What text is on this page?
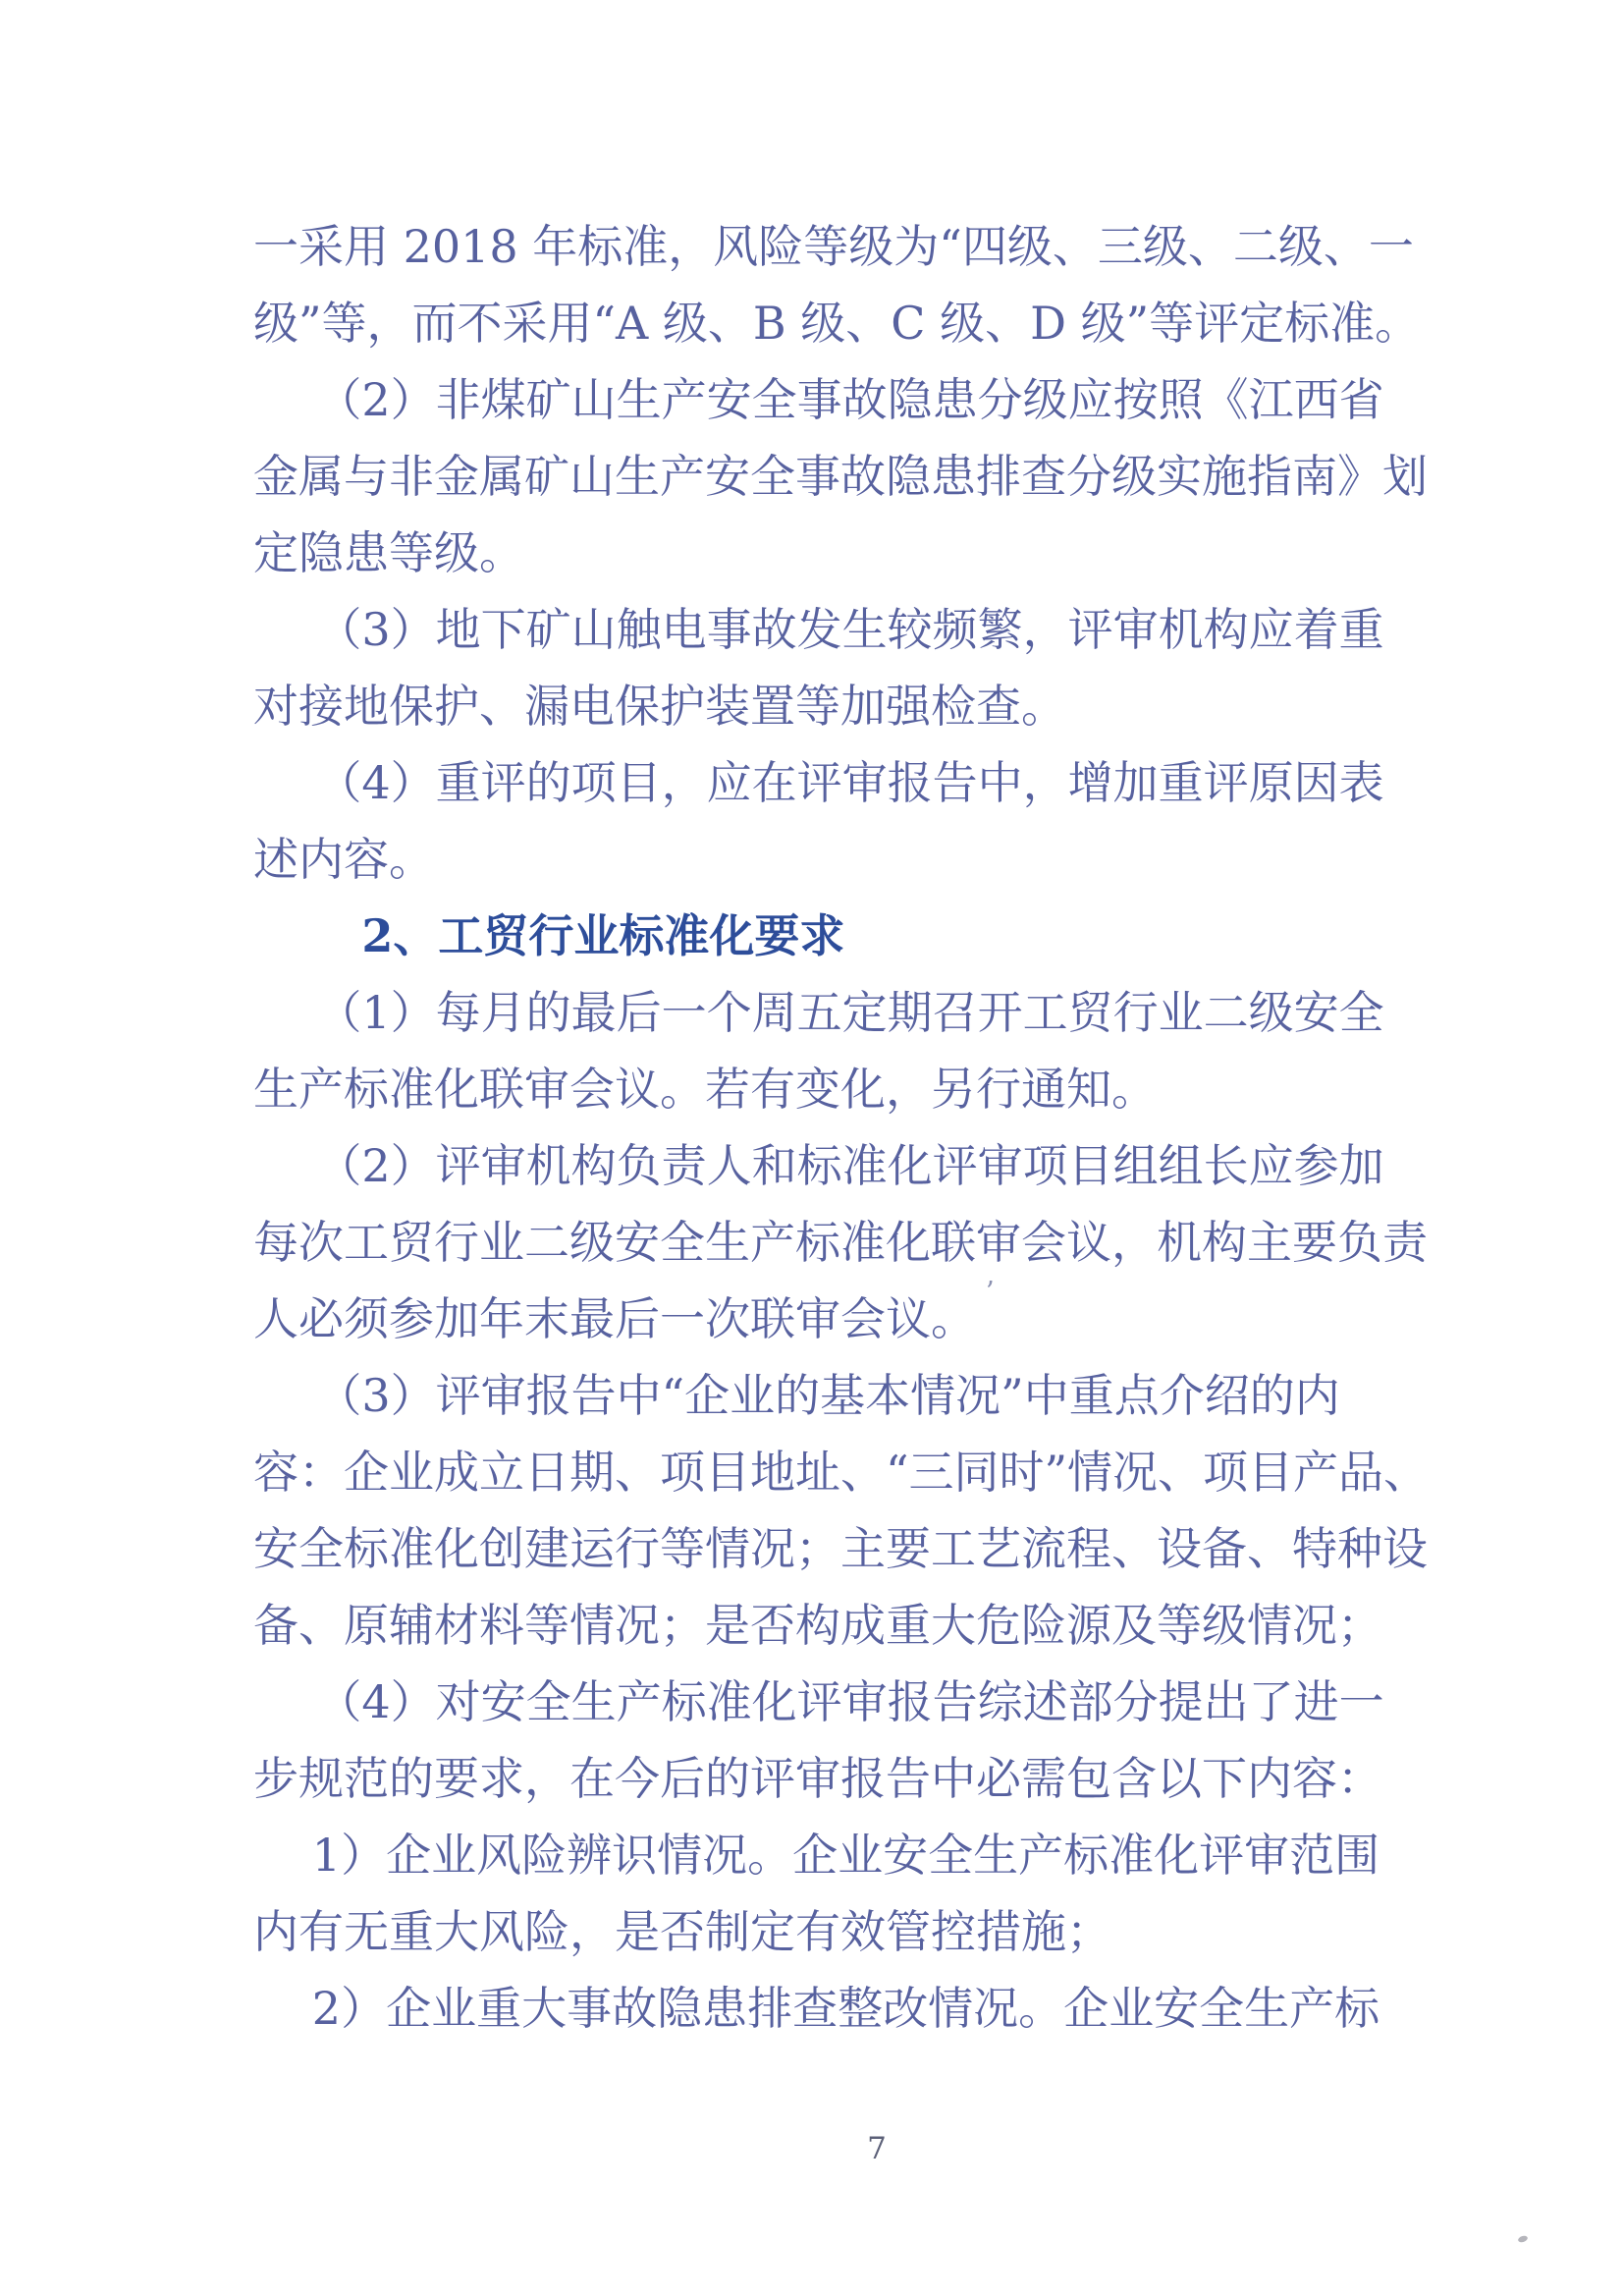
一采用 2018 年标准，风险等级为“四级、三级、二级、一
级”等，而不采用“A 级、B 级、C 级、D 级”等评定标准。
（2）非煤矿山生产安全事故隐患分级应按照《江西省
金属与非金属矿山生产安全事故隐患排查分级实施指南》划
定隐患等级。
（3）地下矿山触电事故发生较频繁，评审机构应着重
对接地保护、漏电保护装置等加强检查。
（4）重评的项目，应在评审报告中，增加重评原因表
述内容。
2、工贸行业标准化要求
（1）每月的最后一个周五定期召开工贸行业二级安全
生产标准化联审会议。若有变化，另行通知。
（2）评审机构负责人和标准化评审项目组组长应参加
每次工贸行业二级安全生产标准化联审会议，机构主要负责
人必须参加年末最后一次联审会议。
（3）评审报告中“企业的基本情况”中重点介绍的内
容：企业成立日期、项目地址、“三同时”情况、项目产品、
安全标准化创建运行等情况；主要工艺流程、设备、特种设
备、原辅材料等情况；是否构成重大危险源及等级情况；
（4）对安全生产标准化评审报告综述部分提出了进一
步规范的要求，在今后的评审报告中必需包含以下内容：
1）企业风险辨识情况。企业安全生产标准化评审范围
内有无重大风险，是否制定有效管控措施；
2）企业重大事故隐患排查整改情况。企业安全生产标
ʼ
7
